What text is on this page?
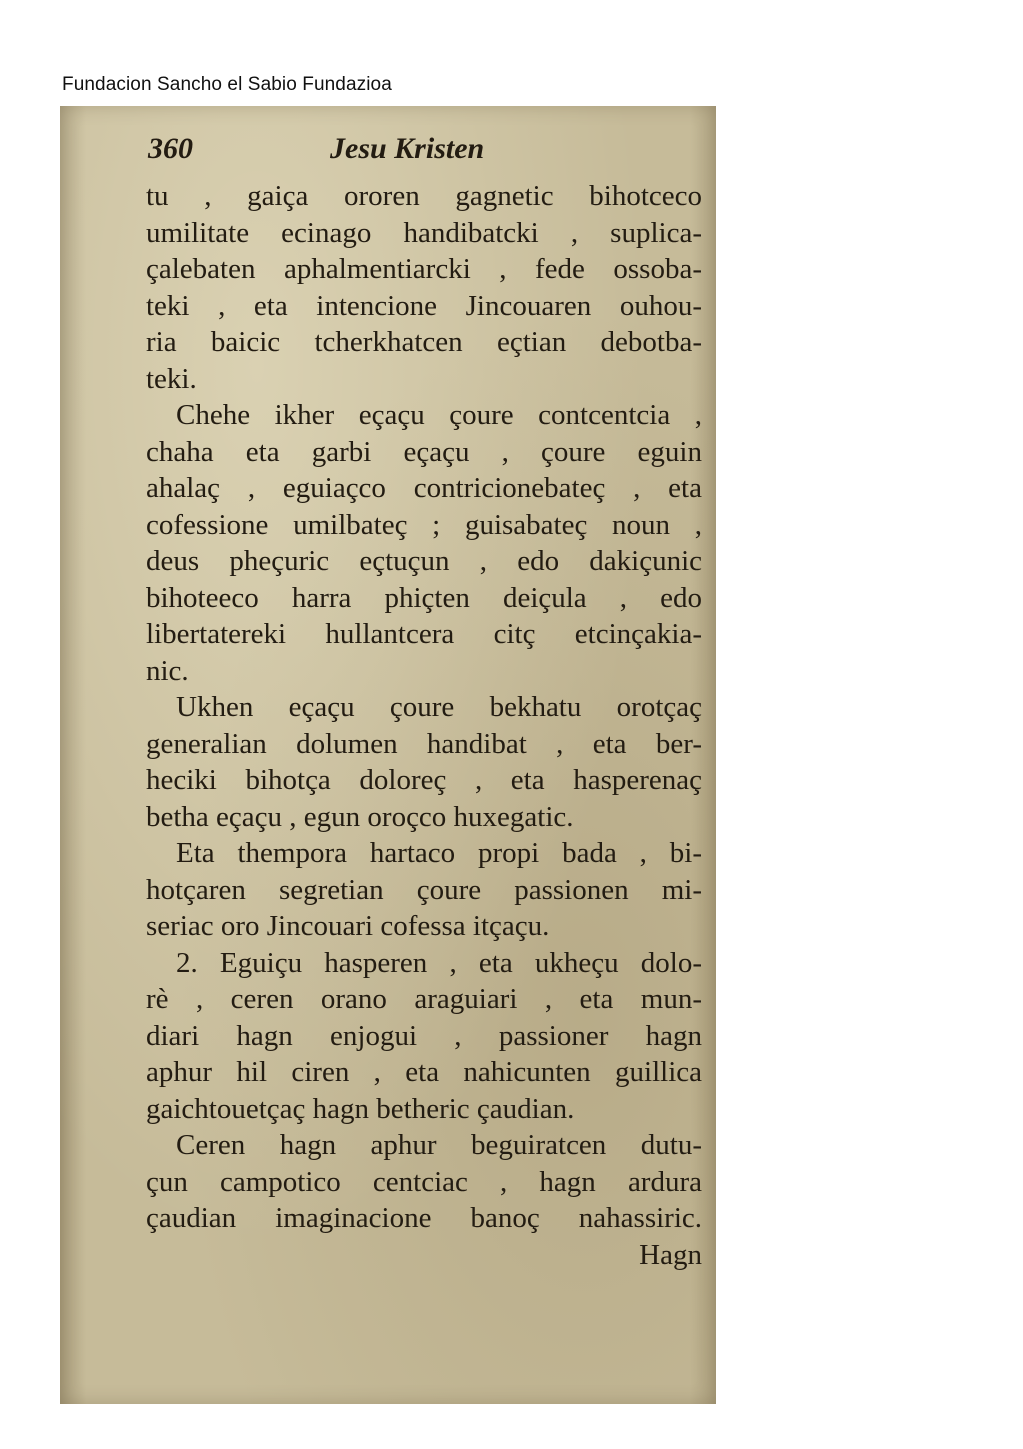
Fundacion Sancho el Sabio Fundazioa
360	Jesu Kristen
tu , gaiça ororen gagnetic bihotceco
umilitate ecinago handibatcki , suplica-
çalebaten aphalmentiarcki , fede ossoba-
teki , eta intencione Jincouaren ouhou-
ria baicic tcherkhatcen eçtian debotba-
teki.
Chehe ikher eçaçu çoure contcentcia ,
chaha eta garbi eçaçu , çoure eguin
ahalaç , eguiaçco contricionebateç , eta
cofessione umilbateç ; guisabateç noun ,
deus pheçuric eçtuçun , edo dakiçunic
bihoteeco harra phiçten deiçula , edo
libertatereki hullantcera citç etcinçakia-
nic.
Ukhen eçaçu çoure bekhatu orotçaç
generalian dolumen handibat , eta ber-
heciki bihotça doloreç , eta hasperenaç
betha eçaçu , egun oroçco huxegatic.
Eta thempora hartaco propi bada , bi-
hotçaren segretian çoure passionen mi-
seriac oro Jincouari cofessa itçaçu.
2. Eguiçu hasperen , eta ukheçu dolo-
rè , ceren orano araguiari , eta mun-
diari hagn enjogui , passioner hagn
aphur hil ciren , eta nahicunten guillica
gaichtouetçaç hagn betheric çaudian.
Ceren hagn aphur beguiratcen dutu-
çun campotico centciac , hagn ardura
çaudian imaginacione banoç nahassiric.
Hagn
